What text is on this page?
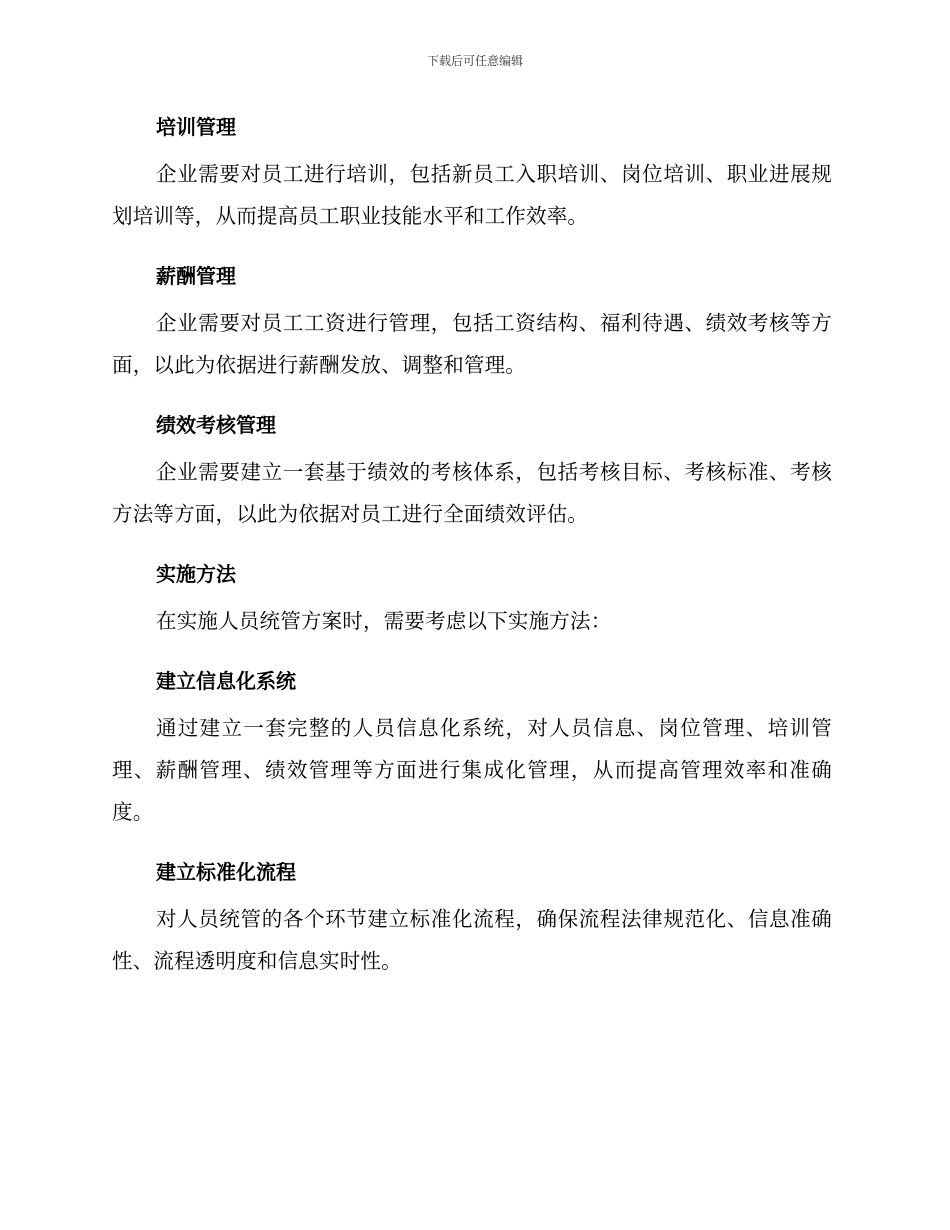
下载后可任意编辑
培训管理

企业需要对员工进行培训，包括新员工入职培训、岗位培训、职业进展规划培训等，从而提高员工职业技能水平和工作效率。

薪酬管理

企业需要对员工工资进行管理，包括工资结构、福利待遇、绩效考核等方面，以此为依据进行薪酬发放、调整和管理。

绩效考核管理

企业需要建立一套基于绩效的考核体系，包括考核目标、考核标准、考核方法等方面，以此为依据对员工进行全面绩效评估。

实施方法

在实施人员统管方案时，需要考虑以下实施方法：

建立信息化系统

通过建立一套完整的人员信息化系统，对人员信息、岗位管理、培训管理、薪酬管理、绩效管理等方面进行集成化管理，从而提高管理效率和准确度。

建立标准化流程

对人员统管的各个环节建立标准化流程，确保流程法律规范化、信息准确性、流程透明度和信息实时性。
